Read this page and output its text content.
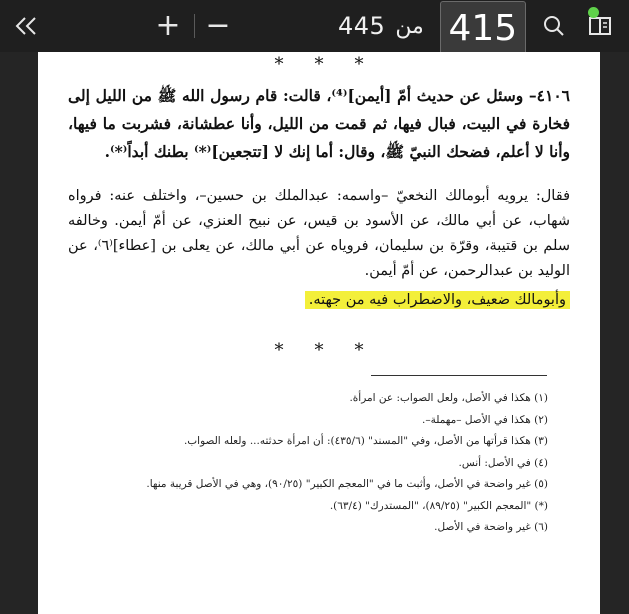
+ −	445 من 415
* * *
٤١٠٦– وسئل عن حديث أمّ [أيمن]⁽⁴⁾، قالت: قام رسول الله ﷺ من الليل إلى فخارة في البيت، فبال فيها، ثم قمت من الليل، وأنا عطشانة، فشربت ما فيها، وأنا لا أعلم، فضحك النبيّ ﷺ، وقال: أما إنك لا [تتجعين]⁽*⁾ بطنك أبداً⁽*⁾.
فقال: يرويه أبومالك النخعيّ –واسمه: عبدالملك بن حسين–، واختلف عنه: فرواه شهاب، عن أبي مالك، عن الأسود بن قيس، عن نبيح العنزي، عن أمّ أيمن. وخالفه سلم بن قتيبة، وقرّة بن سليمان، فروياه عن أبي مالك، عن يعلى بن [عطاء]⁽٦⁾، عن الوليد بن عبدالرحمن، عن أمّ أيمن.
وأبومالك ضعيف، والاضطراب فيه من جهته.
* * *
(١) هكذا في الأصل، ولعل الصواب: عن امرأة.
(٢) هكذا في الأصل –مهملة–.
(٣) هكذا قرأتها من الأصل، وفي "المسند" (٤٣٥/٦): أن امرأة حدثته... ولعله الصواب.
(٤) في الأصل: أنس.
(٥) غير واضحة في الأصل، وأثبت ما في "المعجم الكبير" (٩٠/٢٥)، وهي في الأصل قريبة منها.
(*) "المعجم الكبير" (٨٩/٢٥)، "المستدرك" (٦٣/٤).
(٦) غير واضحة في الأصل.
